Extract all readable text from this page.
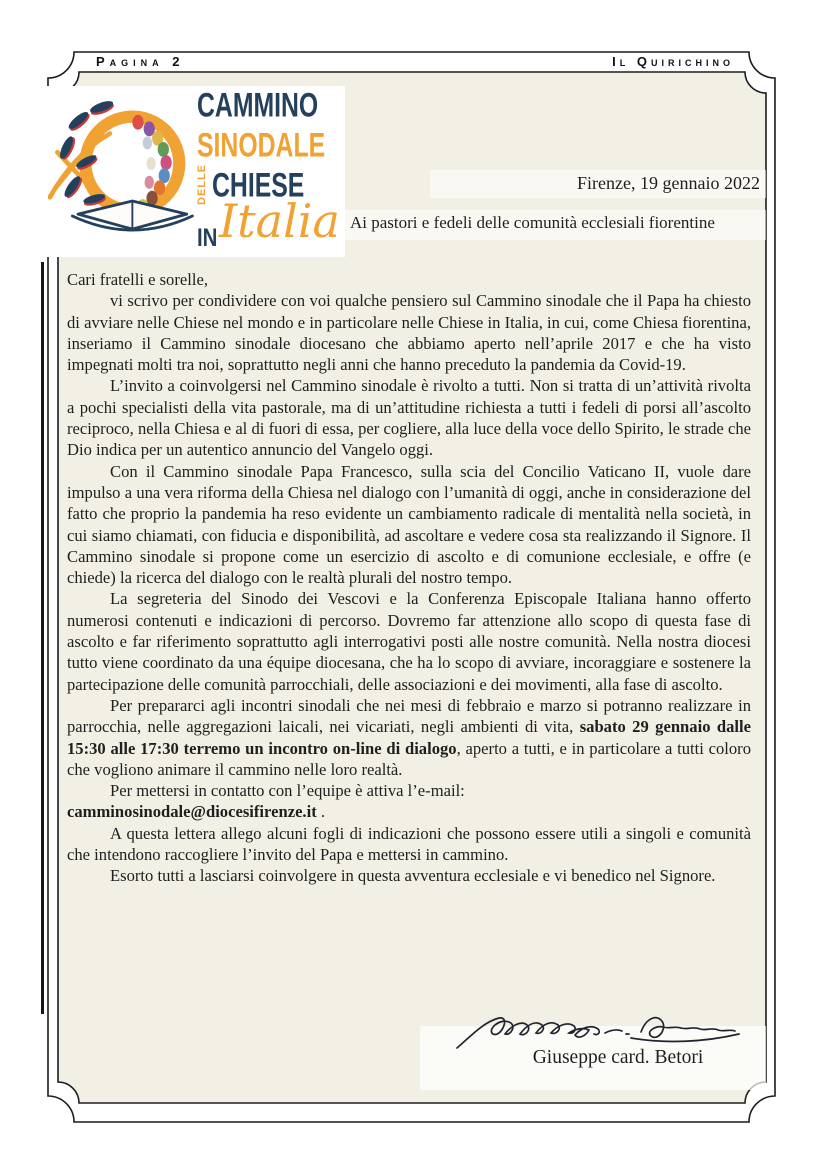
Pagina 2	Il Quirichino
CAMMINO
SINODALE
DELLE CHIESE
IN Italia
Firenze, 19 gennaio 2022
Ai pastori e fedeli delle comunità ecclesiali fiorentine

Cari fratelli e sorelle,

vi scrivo per condividere con voi qualche pensiero sul Cammino sinodale che il Papa ha chiesto di avviare nelle Chiese nel mondo e in particolare nelle Chiese in Italia, in cui, come Chiesa fiorentina, inseriamo il Cammino sinodale diocesano che abbiamo aperto nell’aprile 2017 e che ha visto impegnati molti tra noi, soprattutto negli anni che hanno preceduto la pandemia da Covid-19.

L’invito a coinvolgersi nel Cammino sinodale è rivolto a tutti. Non si tratta di un’attività rivolta a pochi specialisti della vita pastorale, ma di un’attitudine richiesta a tutti i fedeli di porsi all’ascolto reciproco, nella Chiesa e al di fuori di essa, per cogliere, alla luce della voce dello Spirito, le strade che Dio indica per un autentico annuncio del Vangelo oggi.

Con il Cammino sinodale Papa Francesco, sulla scia del Concilio Vaticano II, vuole dare impulso a una vera riforma della Chiesa nel dialogo con l’umanità di oggi, anche in considerazione del fatto che proprio la pandemia ha reso evidente un cambiamento radicale di mentalità nella società, in cui siamo chiamati, con fiducia e disponibilità, ad ascoltare e vedere cosa sta realizzando il Signore. Il Cammino sinodale si propone come un esercizio di ascolto e di comunione ecclesiale, e offre (e chiede) la ricerca del dialogo con le realtà plurali del nostro tempo.

La segreteria del Sinodo dei Vescovi e la Conferenza Episcopale Italiana hanno offerto numerosi contenuti e indicazioni di percorso. Dovremo far attenzione allo scopo di questa fase di ascolto e far riferimento soprattutto agli interrogativi posti alle nostre comunità. Nella nostra diocesi tutto viene coordinato da una équipe diocesana, che ha lo scopo di avviare, incoraggiare e sostenere la partecipazione delle comunità parrocchiali, delle associazioni e dei movimenti, alla fase di ascolto.

Per prepararci agli incontri sinodali che nei mesi di febbraio e marzo si potranno realizzare in parrocchia, nelle aggregazioni laicali, nei vicariati, negli ambienti di vita, sabato 29 gennaio dalle 15:30 alle 17:30 terremo un incontro on-line di dialogo, aperto a tutti, e in particolare a tutti coloro che vogliono animare il cammino nelle loro realtà.

Per mettersi in contatto con l’equipe è attiva l’e-mail:
camminosinodale@diocesifirenze.it .

A questa lettera allego alcuni fogli di indicazioni che possono essere utili a singoli e comunità che intendono raccogliere l’invito del Papa e mettersi in cammino.

Esorto tutti a lasciarsi coinvolgere in questa avventura ecclesiale e vi benedico nel Signore.

Giuseppe card. Betori
